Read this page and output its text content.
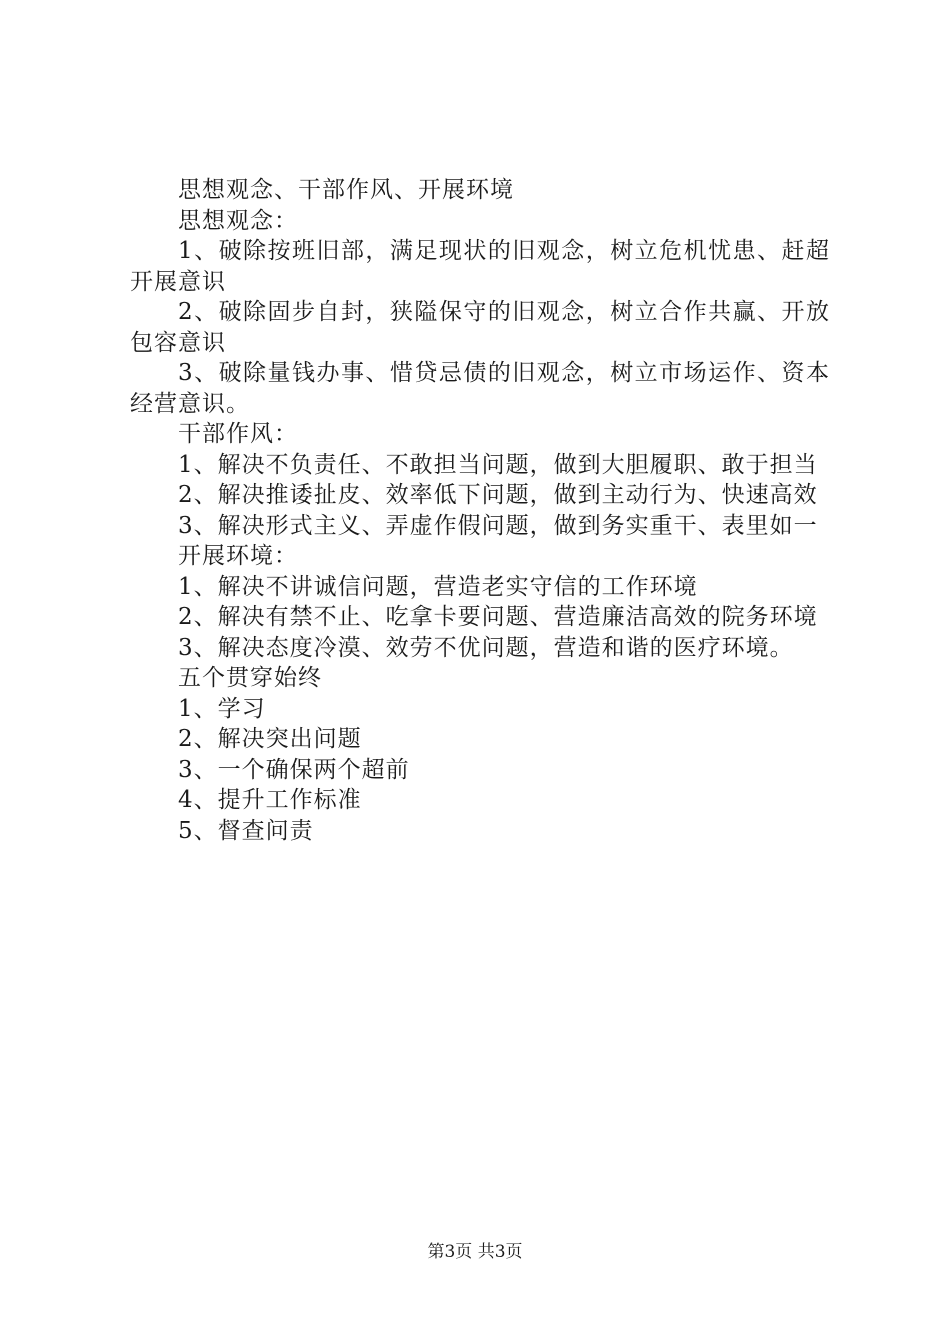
思想观念、干部作风、开展环境

思想观念：

1、破除按班旧部，满足现状的旧观念，树立危机忧患、赶超开展意识

2、破除固步自封，狭隘保守的旧观念，树立合作共赢、开放包容意识

3、破除量钱办事、惜贷忌债的旧观念，树立市场运作、资本经营意识。

干部作风：

1、解决不负责任、不敢担当问题，做到大胆履职、敢于担当

2、解决推诿扯皮、效率低下问题，做到主动行为、快速高效

3、解决形式主义、弄虚作假问题，做到务实重干、表里如一

开展环境：

1、解决不讲诚信问题，营造老实守信的工作环境

2、解决有禁不止、吃拿卡要问题、营造廉洁高效的院务环境

3、解决态度冷漠、效劳不优问题，营造和谐的医疗环境。

五个贯穿始终

1、学习

2、解决突出问题

3、一个确保两个超前

4、提升工作标准

5、督查问责

第3页 共3页
